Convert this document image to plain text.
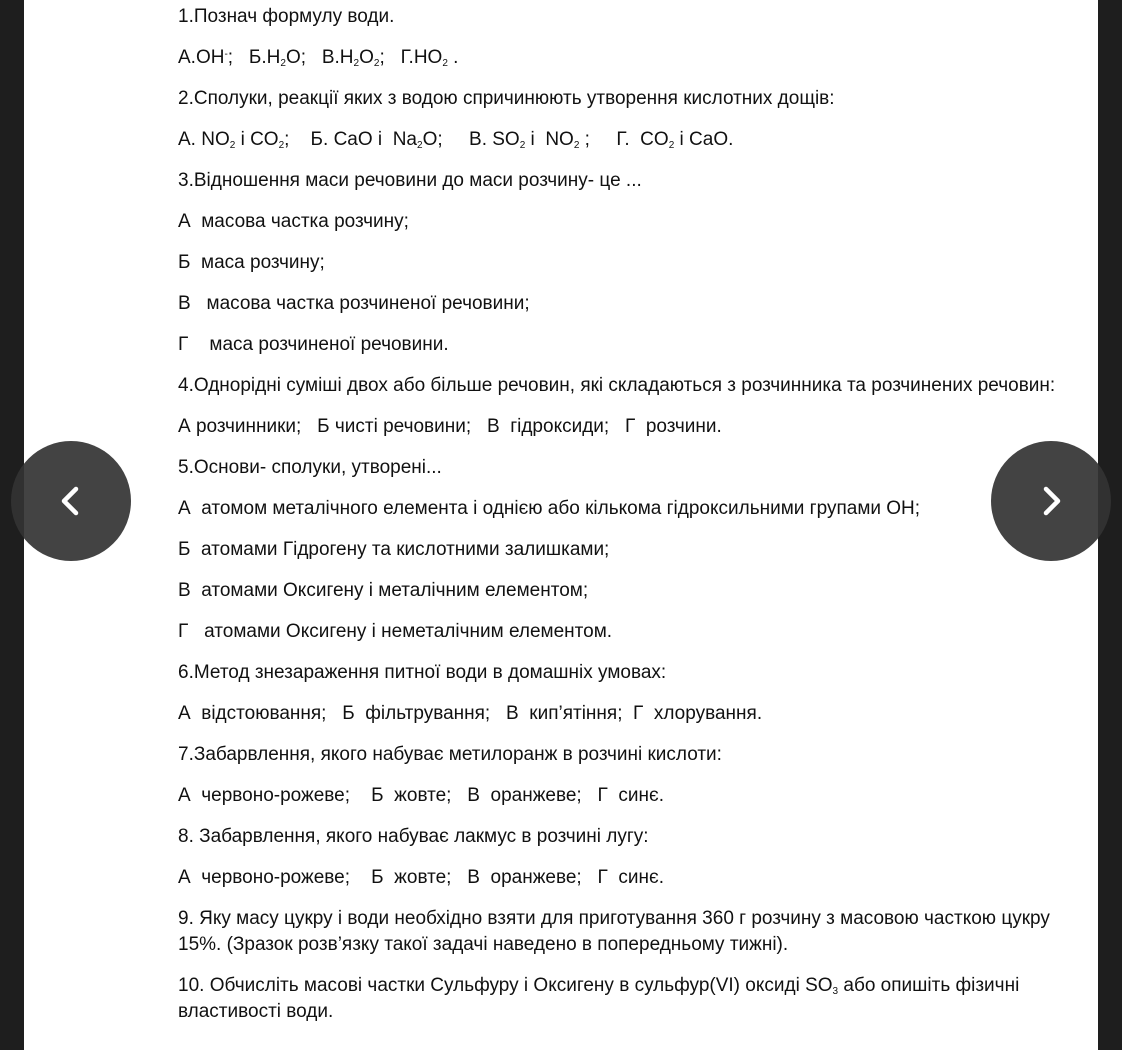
1.Познач формулу води.
А.ОН-; $Б.Н_2О$; $В.Н_2О_2$; $Г.НО_2$ .
2.Сполуки, реакції яких з водою спричинюють утворення кислотних дощів:
А. $NO_2$ і $CO_2$; Б. CaO і  $Na_2O$; В. $SO_2$ і  $NO_2$ ; Г.  $CO_2$ і CaO.
3.Відношення маси речовини до маси розчину- це ...
А  масова частка розчину;
Б  маса розчину;
В   масова частка розчиненої речовини;
Г    маса розчиненої речовини.
4.Однорідні суміші двох або більше речовин, які складаються з розчинника та розчинених речовин:
А розчинники;   Б чисті речовини;   В  гідроксиди;   Г  розчини.
5.Основи- сполуки, утворені...
А  атомом металічного елемента і однією або кількома гідроксильними групами ОН;
Б  атомами Гідрогену та кислотними залишками;
В  атомами Оксигену і металічним елементом;
Г   атомами Оксигену і неметалічним елементом.
6.Метод знезараження питної води в домашніх умовах:
А  відстоювання;   Б  фільтрування;   В  кип’ятіння;  Г  хлорування.
7.Забарвлення, якого набуває метилоранж в розчині кислоти:
А  червоно-рожеве;    Б  жовте;   В  оранжеве;   Г  синє.
8. Забарвлення, якого набуває лакмус в розчині лугу:
А  червоно-рожеве;    Б  жовте;   В  оранжеве;   Г  синє.
9. Яку масу цукру і води необхідно взяти для приготування 360 г розчину з масовою часткою цукру 15%. (Зразок розв’язку такої задачі наведено в попередньому тижні).
10. Обчисліть масові частки Сульфуру і Оксигену в сульфур(VI) оксиді $SO_3$ або опишіть фізичні властивості води.
